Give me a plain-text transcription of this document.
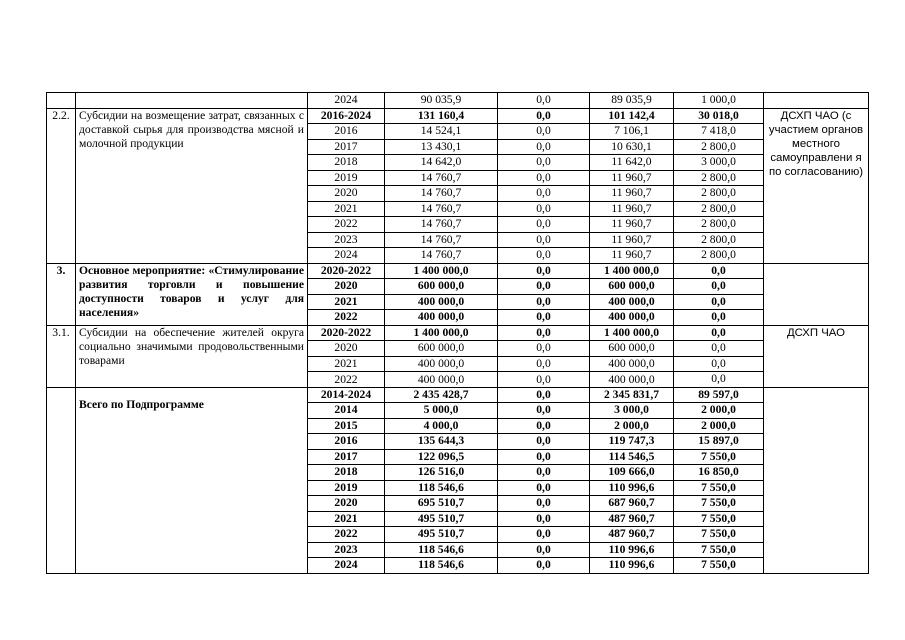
		2024	90 035,9	0,0	89 035,9	1 000,0	
2.2.	Субсидии на возмещение затрат, связанных с доставкой сырья для производства мясной и молочной продукции	2016-2024	131 160,4	0,0	101 142,4	30 018,0	ДСХП ЧАО (с участием органов местного самоуправлени я по согласованию)
		2016	14 524,1	0,0	7 106,1	7 418,0	
		2017	13 430,1	0,0	10 630,1	2 800,0	
		2018	14 642,0	0,0	11 642,0	3 000,0	
		2019	14 760,7	0,0	11 960,7	2 800,0	
		2020	14 760,7	0,0	11 960,7	2 800,0	
		2021	14 760,7	0,0	11 960,7	2 800,0	
		2022	14 760,7	0,0	11 960,7	2 800,0	
		2023	14 760,7	0,0	11 960,7	2 800,0	
		2024	14 760,7	0,0	11 960,7	2 800,0	
3.	Основное мероприятие: «Стимулирование развития торговли и повышение доступности товаров и услуг для населения»	2020-2022	1 400 000,0	0,0	1 400 000,0	0,0	
		2020	600 000,0	0,0	600 000,0	0,0	
		2021	400 000,0	0,0	400 000,0	0,0	
		2022	400 000,0	0,0	400 000,0	0,0	
3.1.	Субсидии на обеспечение жителей округа социально значимыми продовольственными товарами	2020-2022	1 400 000,0	0,0	1 400 000,0	0,0	ДСХП ЧАО
		2020	600 000,0	0,0	600 000,0	0,0	
		2021	400 000,0	0,0	400 000,0	0,0	
		2022	400 000,0	0,0	400 000,0	0,0	

	Всего по Подпрограмме	2014-2024	2 435 428,7	0,0	2 345 831,7	89 597,0	
		2014	5 000,0	0,0	3 000,0	2 000,0	
		2015	4 000,0	0,0	2 000,0	2 000,0	
		2016	135 644,3	0,0	119 747,3	15 897,0	
		2017	122 096,5	0,0	114 546,5	7 550,0	
		2018	126 516,0	0,0	109 666,0	16 850,0	
		2019	118 546,6	0,0	110 996,6	7 550,0	
		2020	695 510,7	0,0	687 960,7	7 550,0	
		2021	495 510,7	0,0	487 960,7	7 550,0	
		2022	495 510,7	0,0	487 960,7	7 550,0	
		2023	118 546,6	0,0	110 996,6	7 550,0	
		2024	118 546,6	0,0	110 996,6	7 550,0	
